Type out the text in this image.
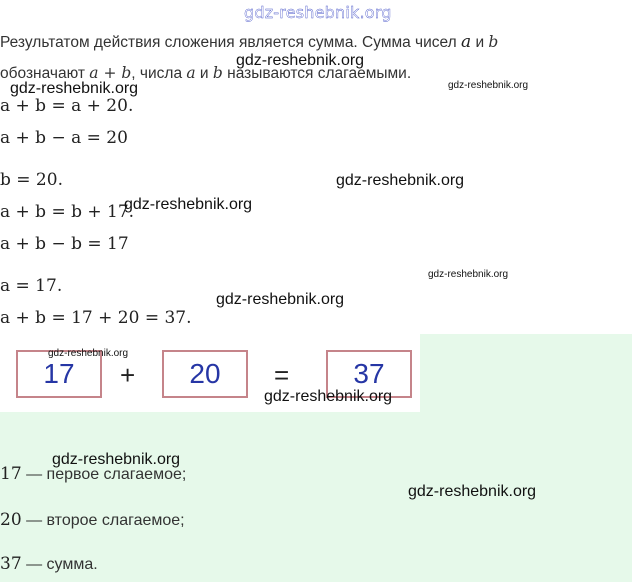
gdz-reshebnik.org
Результатом действия сложения является сумма. Сумма чисел a и b
обозначают a + b, числа a и b называются слагаемыми.
a + b = a + 20.
a + b − a = 20
b = 20.
a + b = b + 17.
a + b − b = 17
a = 17.
a + b = 17 + 20 = 37.
17	+	20	=	37
17 — первое слагаемое;
20 — второе слагаемое;
37 — сумма.
gdz-reshebnik.org
gdz-reshebnik.org	gdz-reshebnik.org
gdz-reshebnik.org
gdz-reshebnik.org
gdz-reshebnik.org
gdz-reshebnik.org
gdz-reshebnik.org
gdz-reshebnik.org
gdz-reshebnik.org
gdz-reshebnik.org
